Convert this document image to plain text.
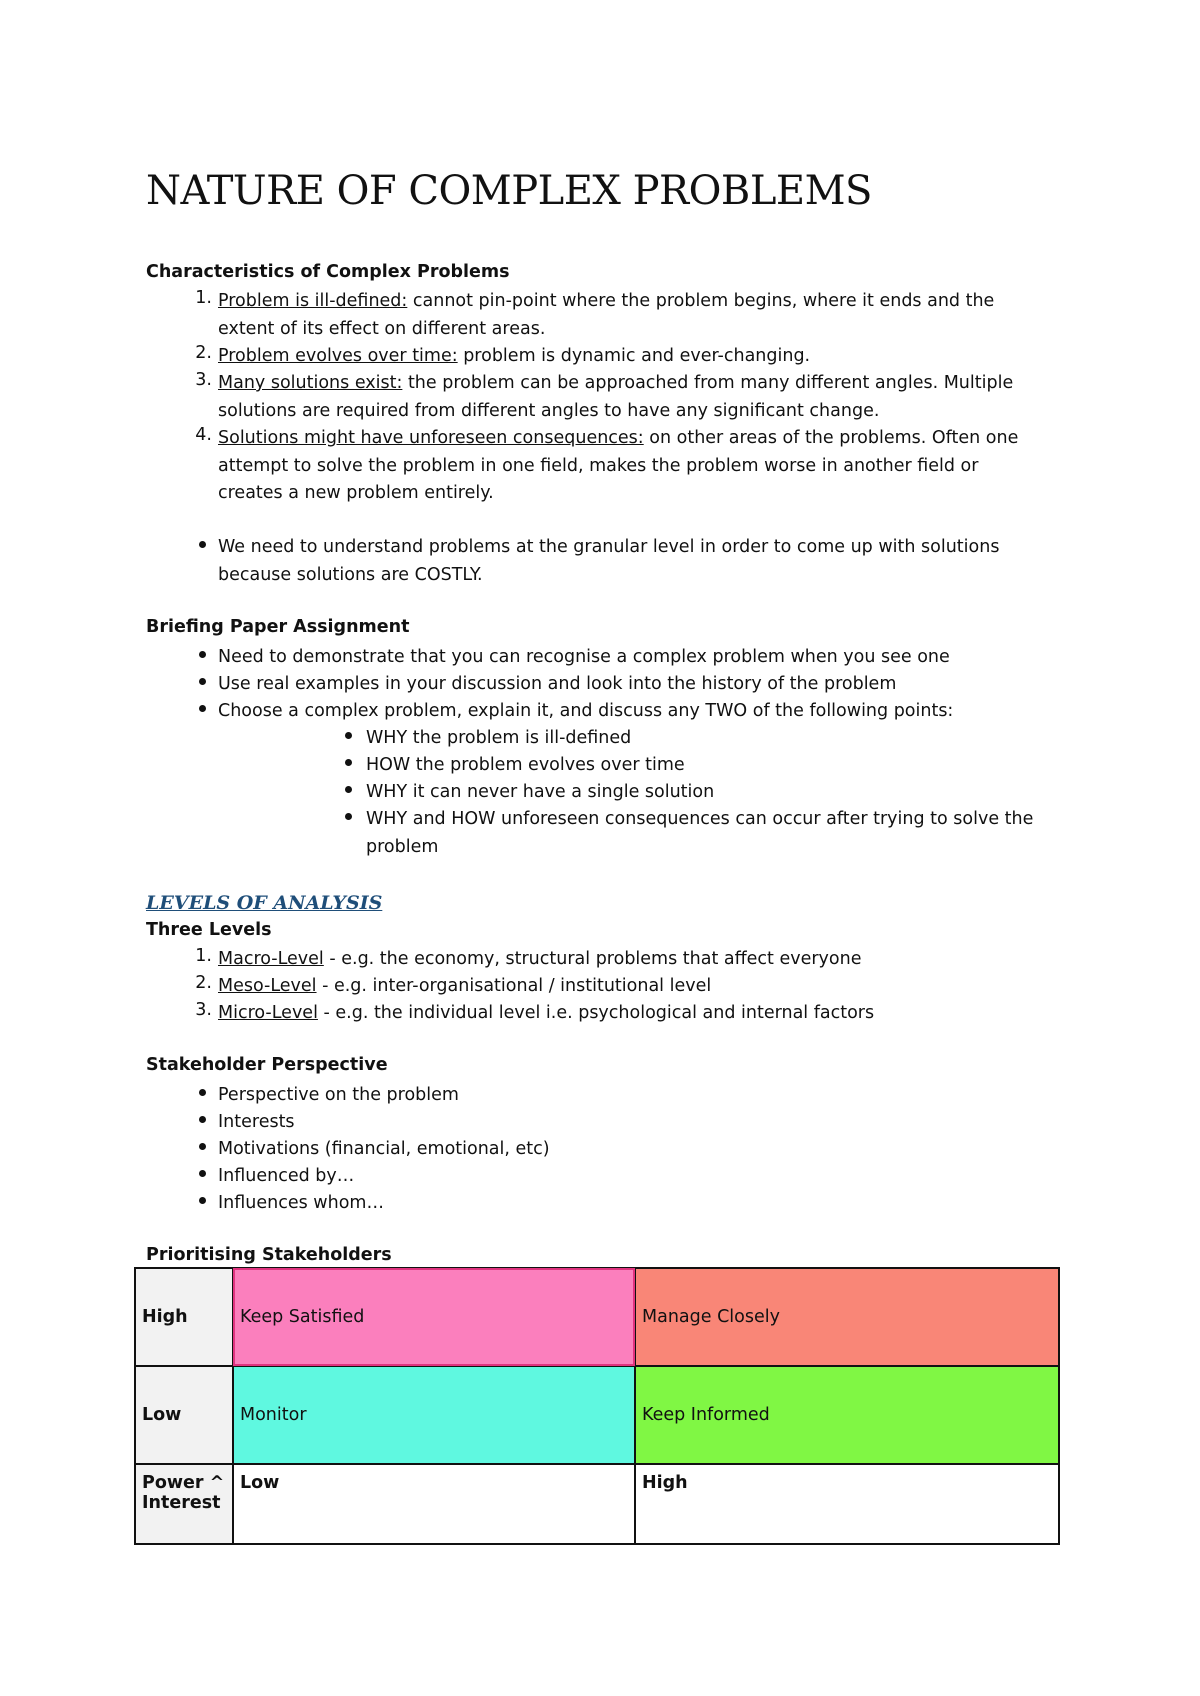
NATURE OF COMPLEX PROBLEMS
Characteristics of Complex Problems
1. Problem is ill-defined: cannot pin-point where the problem begins, where it ends and the extent of its effect on different areas.
2. Problem evolves over time: problem is dynamic and ever-changing.
3. Many solutions exist: the problem can be approached from many different angles. Multiple solutions are required from different angles to have any significant change.
4. Solutions might have unforeseen consequences: on other areas of the problems. Often one attempt to solve the problem in one field, makes the problem worse in another field or creates a new problem entirely.
We need to understand problems at the granular level in order to come up with solutions because solutions are COSTLY.
Briefing Paper Assignment
Need to demonstrate that you can recognise a complex problem when you see one
Use real examples in your discussion and look into the history of the problem
Choose a complex problem, explain it, and discuss any TWO of the following points:
WHY the problem is ill-defined
HOW the problem evolves over time
WHY it can never have a single solution
WHY and HOW unforeseen consequences can occur after trying to solve the problem
LEVELS OF ANALYSIS
Three Levels
1. Macro-Level - e.g. the economy, structural problems that affect everyone
2. Meso-Level - e.g. inter-organisational / institutional level
3. Micro-Level - e.g. the individual level i.e. psychological and internal factors
Stakeholder Perspective
Perspective on the problem
Interests
Motivations (financial, emotional, etc)
Influenced by…
Influences whom…
Prioritising Stakeholders
High	Keep Satisfied	Manage Closely
Low	Monitor	Keep Informed

Power ^
Interest	Low	High
